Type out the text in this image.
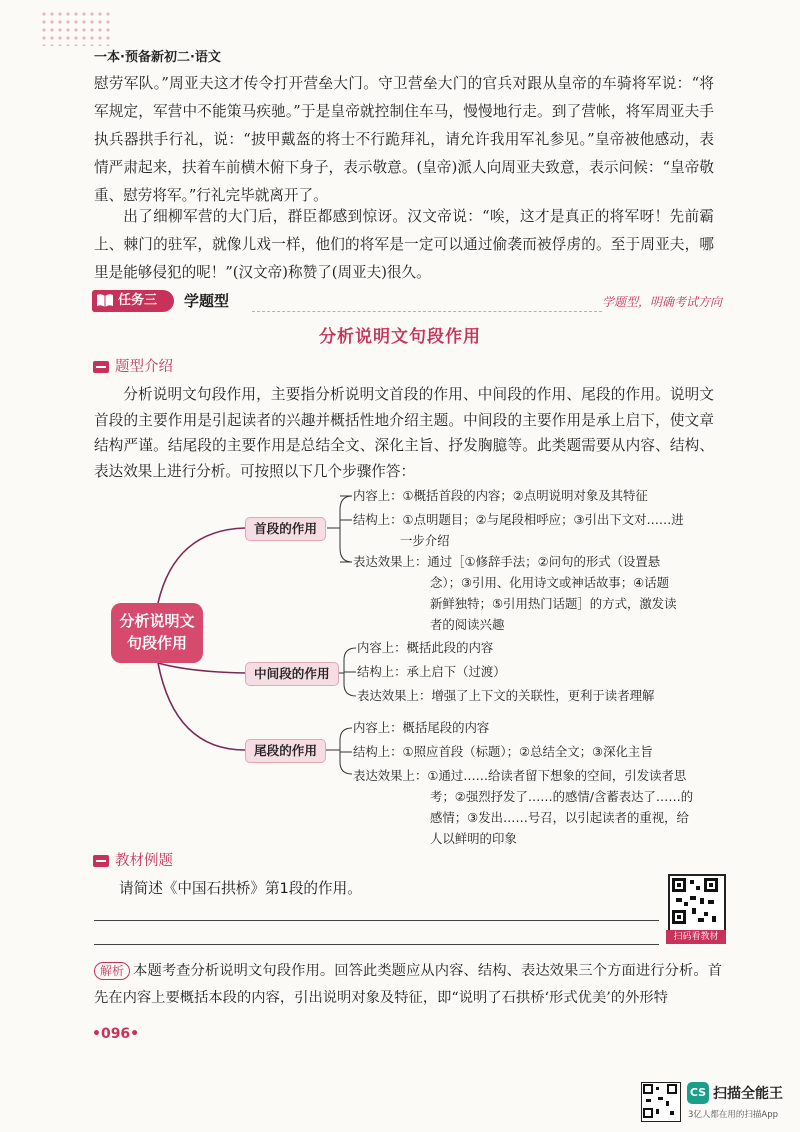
一本·预备新初二·语文
慰劳军队。”周亚夫这才传令打开营垒大门。守卫营垒大门的官兵对跟从皇帝的车骑将军说：“将军规定，军营中不能策马疾驰。”于是皇帝就控制住车马，慢慢地行走。到了营帐，将军周亚夫手执兵器拱手行礼，说：“披甲戴盔的将士不行跪拜礼，请允许我用军礼参见。”皇帝被他感动，表情严肃起来，扶着车前横木俯下身子，表示敬意。(皇帝)派人向周亚夫致意，表示问候：“皇帝敬重、慰劳将军。”行礼完毕就离开了。
出了细柳军营的大门后，群臣都感到惊讶。汉文帝说：“唉，这才是真正的将军呀！先前霸上、棘门的驻军，就像儿戏一样，他们的将军是一定可以通过偷袭而被俘虏的。至于周亚夫，哪里是能够侵犯的呢！”(汉文帝)称赞了(周亚夫)很久。
任务三	学题型	学题型，明确考试方向
分析说明文句段作用
题型介绍
分析说明文句段作用，主要指分析说明文首段的作用、中间段的作用、尾段的作用。说明文首段的主要作用是引起读者的兴趣并概括性地介绍主题。中间段的主要作用是承上启下，使文章结构严谨。结尾段的主要作用是总结全文、深化主旨、抒发胸臆等。此类题需要从内容、结构、表达效果上进行分析。可按照以下几个步骤作答：
分析说明文
句段作用
首段的作用
中间段的作用
尾段的作用
内容上：①概括首段的内容；②点明说明对象及其特征
结构上：①点明题目；②与尾段相呼应；③引出下文对……进
一步介绍
表达效果上：通过［①修辞手法；②问句的形式（设置悬
念）；③引用、化用诗文或神话故事；④话题
新鲜独特；⑤引用热门话题］的方式，激发读
者的阅读兴趣
内容上：概括此段的内容
结构上：承上启下（过渡）
表达效果上：增强了上下文的关联性，更利于读者理解
内容上：概括尾段的内容
结构上：①照应首段（标题）；②总结全文；③深化主旨
表达效果上：①通过……给读者留下想象的空间，引发读者思
考；②强烈抒发了……的感情/含蓄表达了……的
感情；③发出……号召，以引起读者的重视，给
人以鲜明的印象
教材例题
请简述《中国石拱桥》第1段的作用。
扫码看教材
解析 本题考查分析说明文句段作用。回答此类题应从内容、结构、表达效果三个方面进行分析。首先在内容上要概括本段的内容，引出说明对象及特征，即“说明了石拱桥‘形式优美’的外形特
•096•
CS 扫描全能王
3亿人都在用的扫描App
